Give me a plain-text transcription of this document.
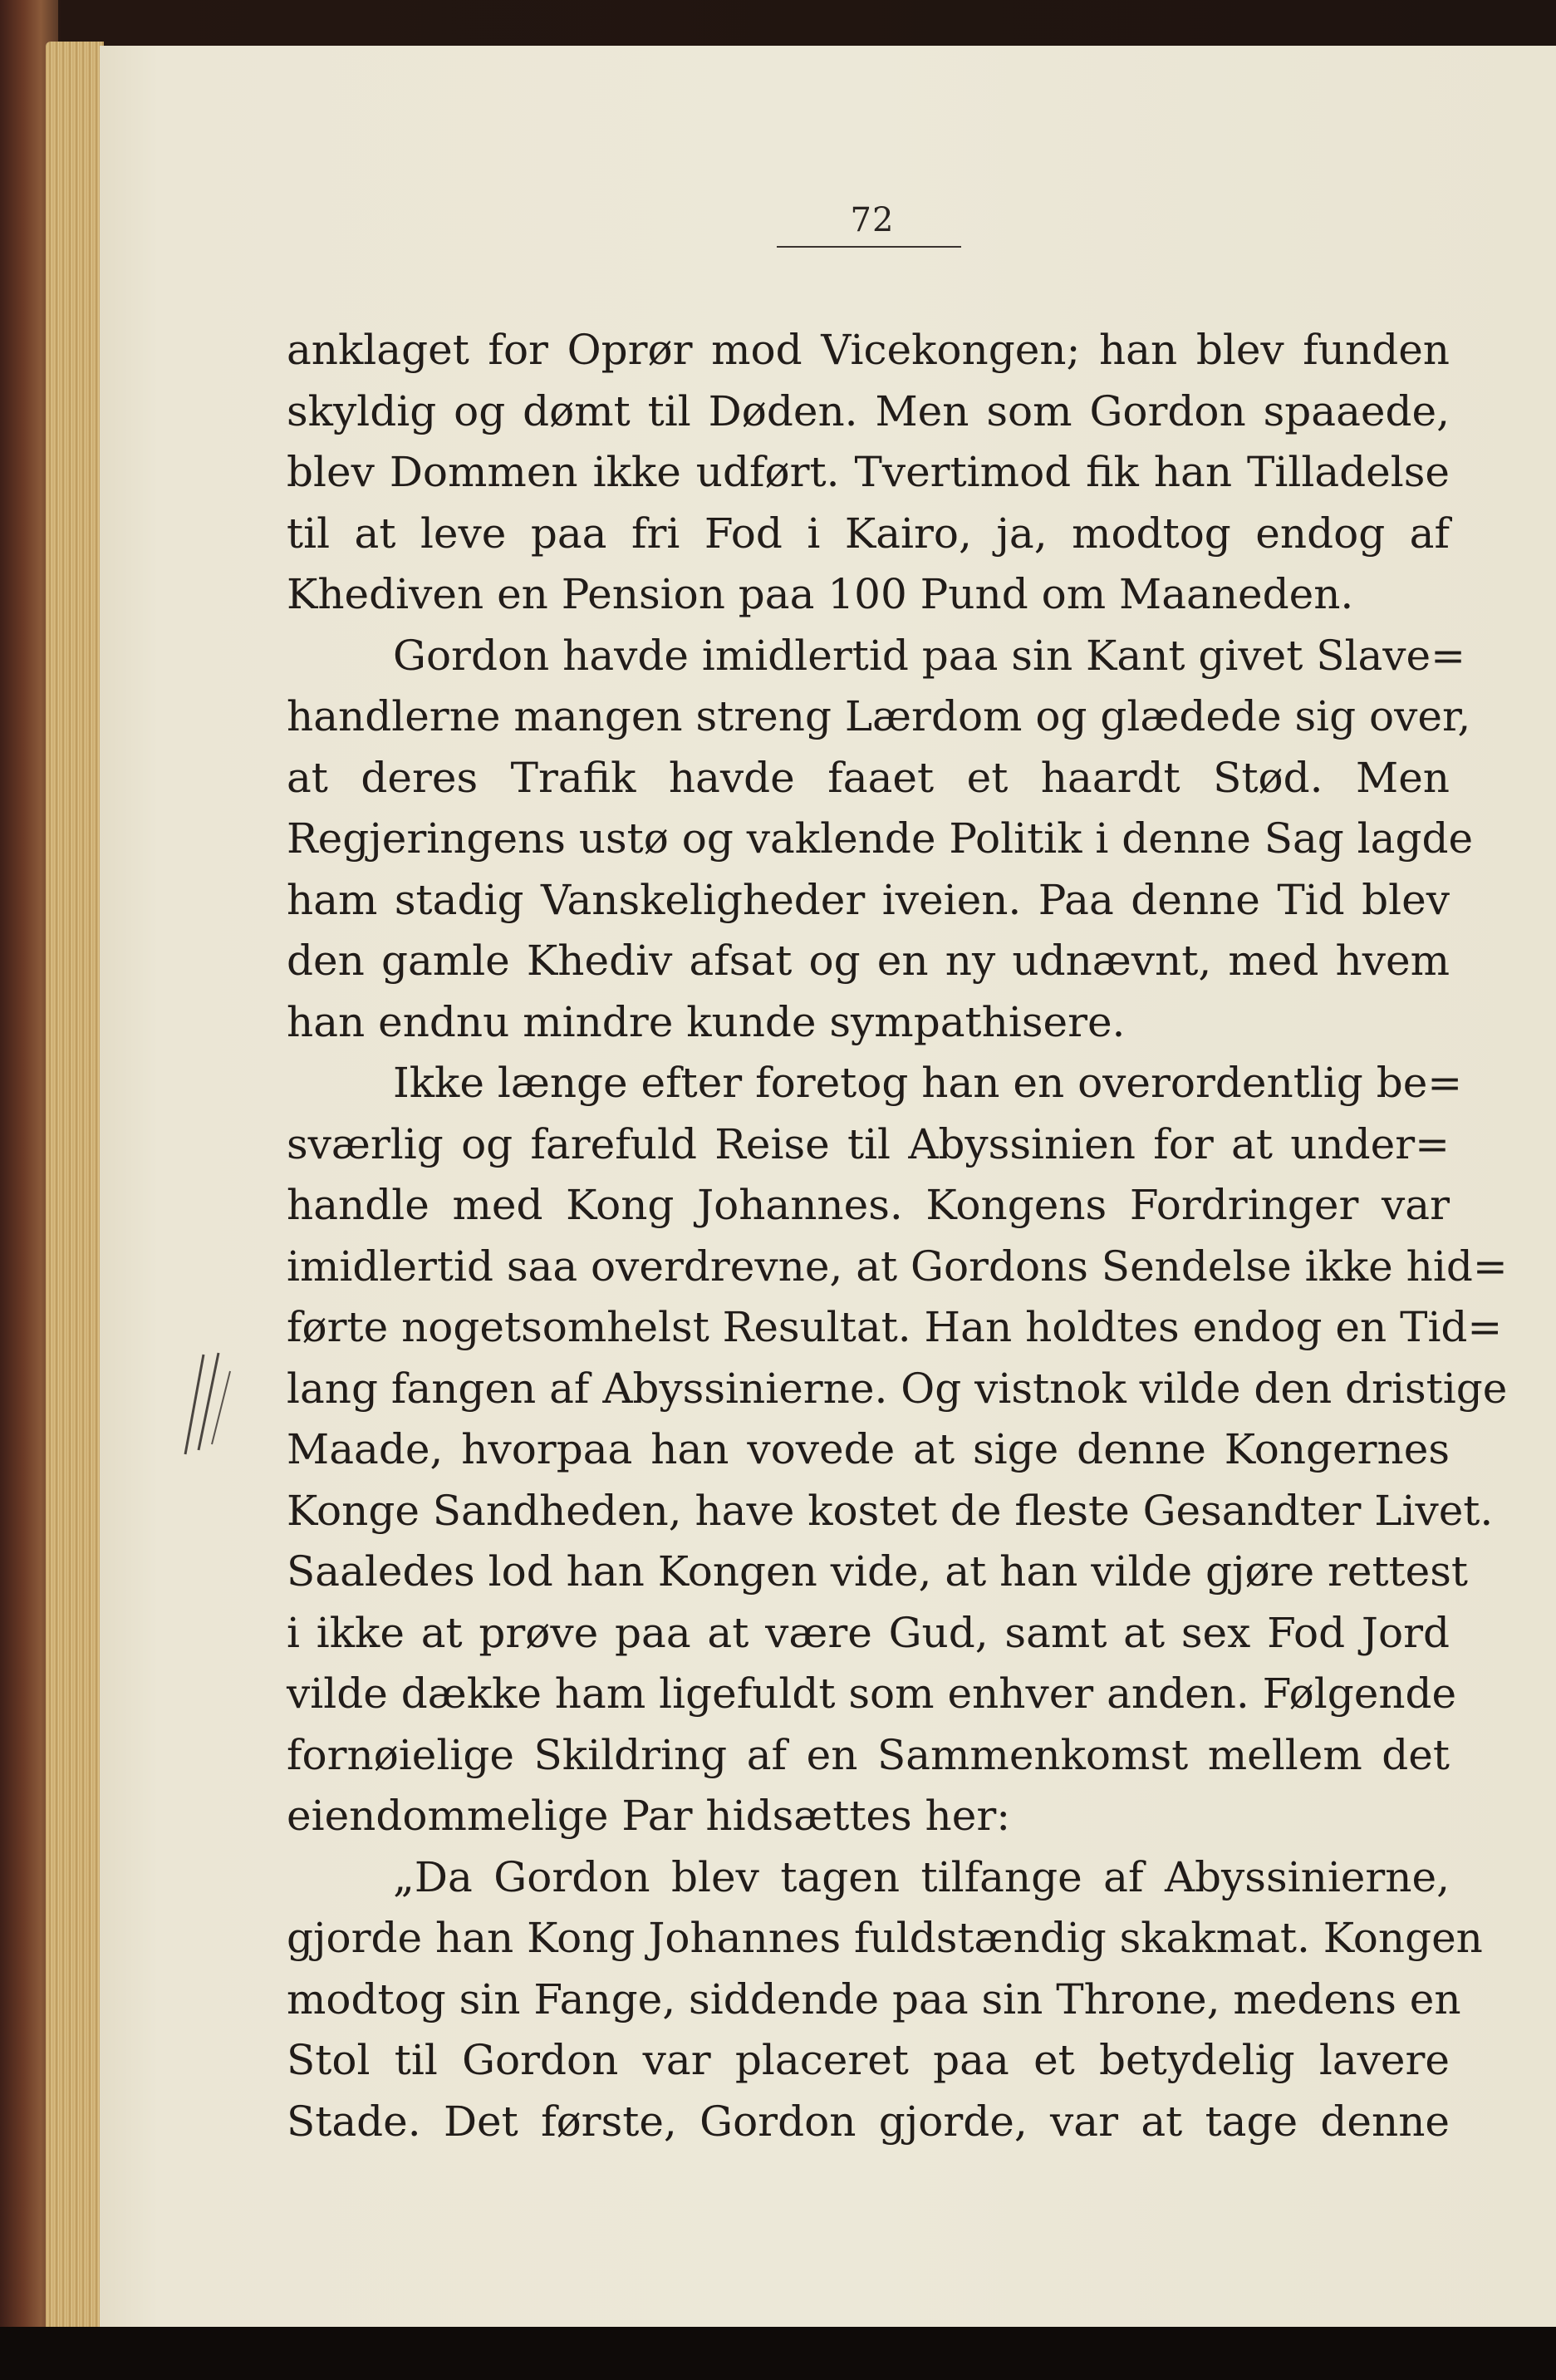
72
anklaget for Oprør mod Vicekongen; han blev funden
skyldig og dømt til Døden. Men som Gordon spaaede,
blev Dommen ikke udført. Tvertimod fik han Tilladelse
til at leve paa fri Fod i Kairo, ja, modtog endog af
Khediven en Pension paa 100 Pund om Maaneden.
Gordon havde imidlertid paa sin Kant givet Slave=
handlerne mangen streng Lærdom og glædede sig over,
at deres Trafik havde faaet et haardt Stød. Men
Regjeringens ustø og vaklende Politik i denne Sag lagde
ham stadig Vanskeligheder iveien. Paa denne Tid blev
den gamle Khediv afsat og en ny udnævnt, med hvem
han endnu mindre kunde sympathisere.
Ikke længe efter foretog han en overordentlig be=
sværlig og farefuld Reise til Abyssinien for at under=
handle med Kong Johannes. Kongens Fordringer var
imidlertid saa overdrevne, at Gordons Sendelse ikke hid=
førte nogetsomhelst Resultat. Han holdtes endog en Tid=
lang fangen af Abyssinierne. Og vistnok vilde den dristige
Maade, hvorpaa han vovede at sige denne Kongernes
Konge Sandheden, have kostet de fleste Gesandter Livet.
Saaledes lod han Kongen vide, at han vilde gjøre rettest
i ikke at prøve paa at være Gud, samt at sex Fod Jord
vilde dække ham ligefuldt som enhver anden. Følgende
fornøielige Skildring af en Sammenkomst mellem det
eiendommelige Par hidsættes her:
„Da Gordon blev tagen tilfange af Abyssinierne,
gjorde han Kong Johannes fuldstændig skakmat. Kongen
modtog sin Fange, siddende paa sin Throne, medens en
Stol til Gordon var placeret paa et betydelig lavere
Stade. Det første, Gordon gjorde, var at tage denne
